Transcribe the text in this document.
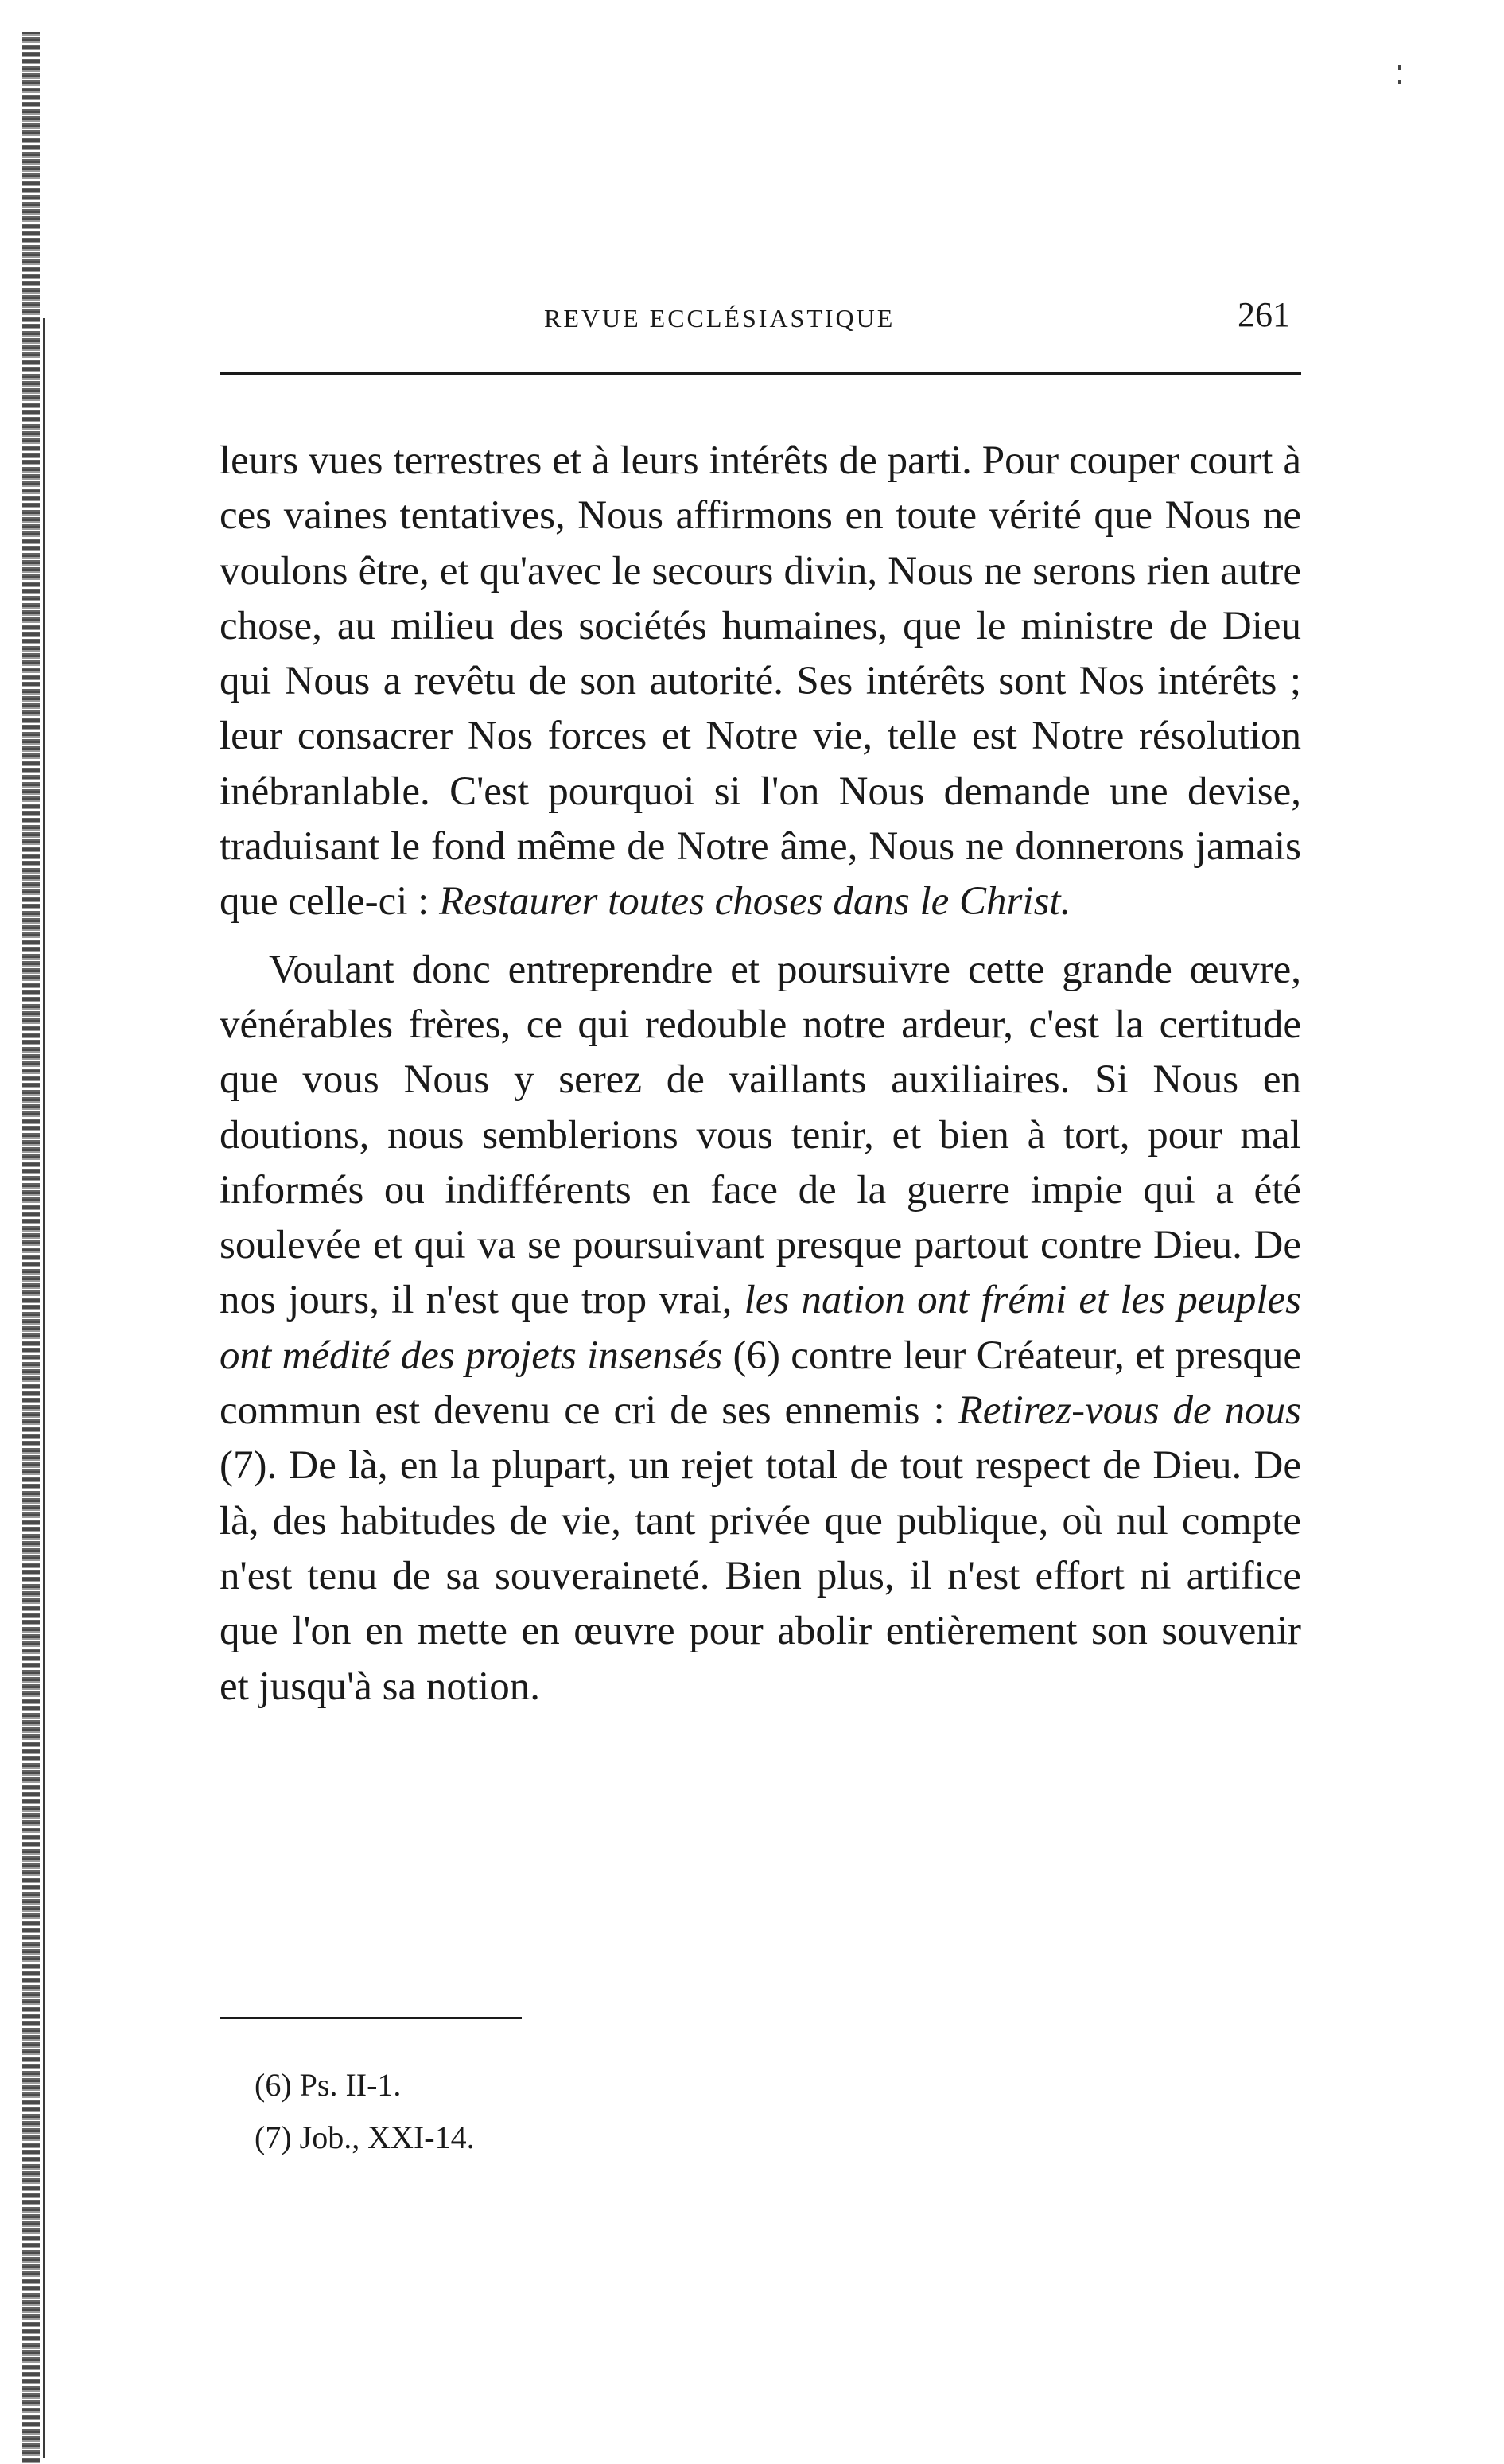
REVUE ECCLÉSIASTIQUE	261

leurs vues terrestres et à leurs intérêts de parti. Pour couper court à ces vaines tentatives, Nous affirmons en toute vérité que Nous ne voulons être, et qu'avec le secours divin, Nous ne serons rien autre chose, au milieu des sociétés humaines, que le ministre de Dieu qui Nous a revêtu de son autorité. Ses intérêts sont Nos intérêts ; leur consacrer Nos forces et Notre vie, telle est Notre résolution inébranlable. C'est pourquoi si l'on Nous demande une devise, traduisant le fond même de Notre âme, Nous ne donnerons jamais que celle-ci : Restaurer toutes choses dans le Christ.

Voulant donc entreprendre et poursuivre cette grande œuvre, vénérables frères, ce qui redouble notre ardeur, c'est la certitude que vous Nous y serez de vaillants auxiliaires. Si Nous en doutions, nous semblerions vous tenir, et bien à tort, pour mal informés ou indifférents en face de la guerre impie qui a été soulevée et qui va se poursuivant presque partout contre Dieu. De nos jours, il n'est que trop vrai, les nation ont frémi et les peuples ont médité des projets insensés (6) contre leur Créateur, et presque commun est devenu ce cri de ses ennemis : Retirez-vous de nous (7). De là, en la plupart, un rejet total de tout respect de Dieu. De là, des habitudes de vie, tant privée que publique, où nul compte n'est tenu de sa souveraineté. Bien plus, il n'est effort ni artifice que l'on en mette en œuvre pour abolir entièrement son souvenir et jusqu'à sa notion.

(6) Ps. II-1.
(7) Job., XXI-14.
